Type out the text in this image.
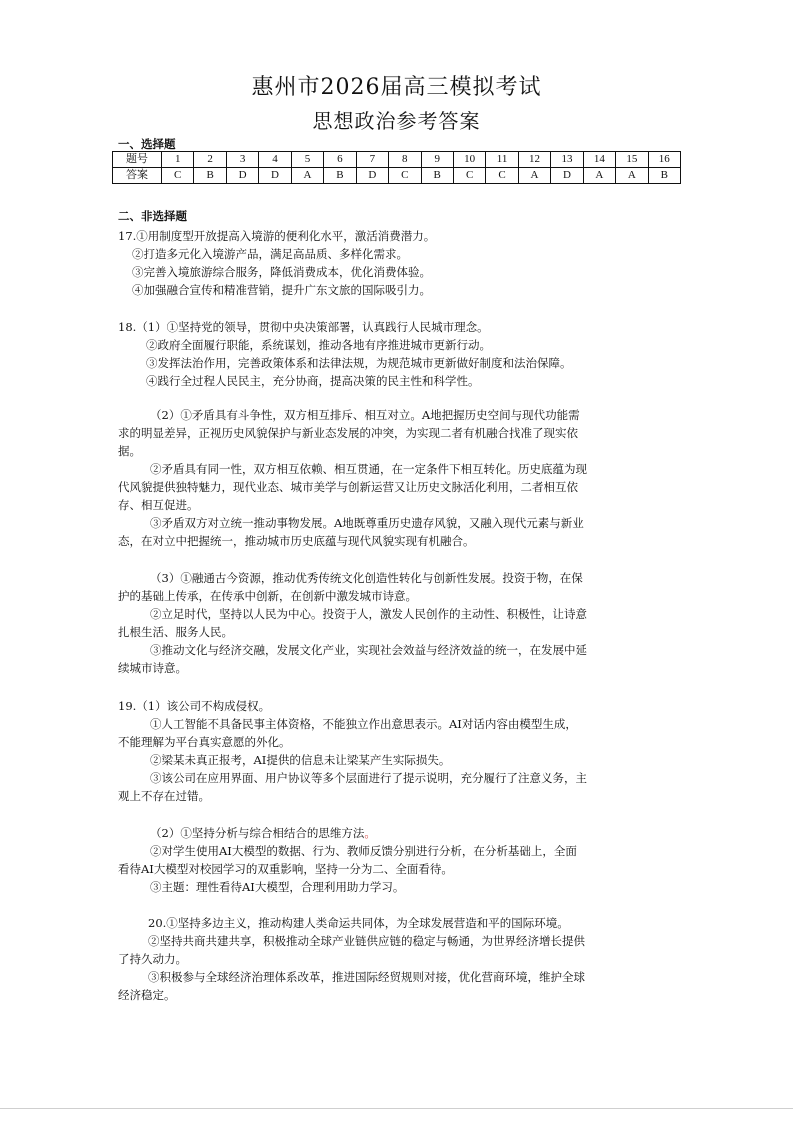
惠州市2026届高三模拟考试
思想政治参考答案
一、选择题
题号	1	2	3	4	5	6	7	8	9	10	11	12	13	14	15	16
答案	C	B	D	D	A	B	D	C	B	C	C	A	D	A	A	B
二、非选择题
17.①用制度型开放提高入境游的便利化水平，激活消费潜力。
②打造多元化入境游产品，满足高品质、多样化需求。
③完善入境旅游综合服务，降低消费成本，优化消费体验。
④加强融合宣传和精准营销，提升广东文旅的国际吸引力。
18.（1）①坚持党的领导，贯彻中央决策部署，认真践行人民城市理念。
②政府全面履行职能，系统谋划，推动各地有序推进城市更新行动。
③发挥法治作用，完善政策体系和法律法规，为规范城市更新做好制度和法治保障。
④践行全过程人民民主，充分协商，提高决策的民主性和科学性。
（2）①矛盾具有斗争性，双方相互排斥、相互对立。A地把握历史空间与现代功能需
求的明显差异，正视历史风貌保护与新业态发展的冲突，为实现二者有机融合找准了现实依
据。
②矛盾具有同一性，双方相互依赖、相互贯通，在一定条件下相互转化。历史底蕴为现
代风貌提供独特魅力，现代业态、城市美学与创新运营又让历史文脉活化利用，二者相互依
存、相互促进。
③矛盾双方对立统一推动事物发展。A地既尊重历史遗存风貌，又融入现代元素与新业
态，在对立中把握统一，推动城市历史底蕴与现代风貌实现有机融合。
（3）①融通古今资源，推动优秀传统文化创造性转化与创新性发展。投资于物，在保
护的基础上传承，在传承中创新，在创新中激发城市诗意。
②立足时代，坚持以人民为中心。投资于人，激发人民创作的主动性、积极性，让诗意
扎根生活、服务人民。
③推动文化与经济交融，发展文化产业，实现社会效益与经济效益的统一，在发展中延
续城市诗意。
19.（1）该公司不构成侵权。
①人工智能不具备民事主体资格，不能独立作出意思表示。AI对话内容由模型生成，
不能理解为平台真实意愿的外化。
②梁某未真正报考，AI提供的信息未让梁某产生实际损失。
③该公司在应用界面、用户协议等多个层面进行了提示说明，充分履行了注意义务，主
观上不存在过错。
（2）①坚持分析与综合相结合的思维方法。
②对学生使用AI大模型的数据、行为、教师反馈分别进行分析，在分析基础上，全面
看待AI大模型对校园学习的双重影响，坚持一分为二、全面看待。
③主题：理性看待AI大模型，合理利用助力学习。
20.①坚持多边主义，推动构建人类命运共同体，为全球发展营造和平的国际环境。
②坚持共商共建共享，积极推动全球产业链供应链的稳定与畅通，为世界经济增长提供
了持久动力。
③积极参与全球经济治理体系改革，推进国际经贸规则对接，优化营商环境，维护全球
经济稳定。
